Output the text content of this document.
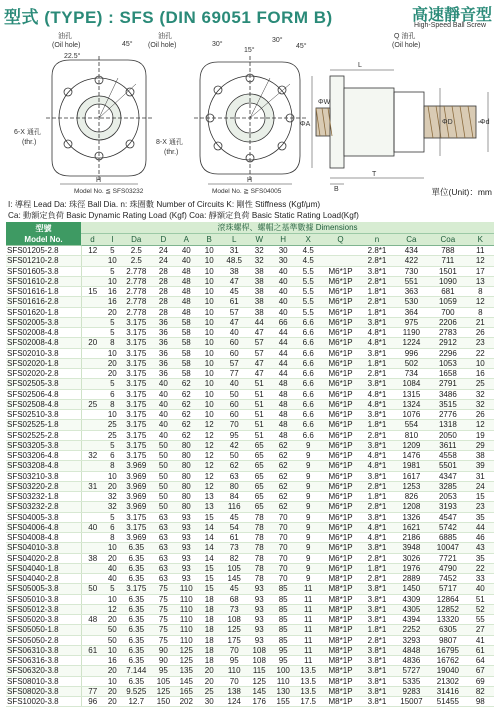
型式 (TYPE) : SFS (DIN 69051 FORM B)	高速靜音型
High-Speed Ball Screw
油孔
(Oil hole)
22.5°
45°
油孔
(Oil hole)	30°
15°
30°
45°
6-X 通孔
(thr.)	8-X 通孔
(thr.)
H	H
Model No. ≦ SFS03232	Model No. ≧ SFS04005
Q 油孔
(Oil hole)
L
T
B
ΦA
ΦW
ΦD	Φd
單位(Unit)：mm
I: 導程 Lead Da: 珠徑 Ball Dia. n: 珠圈數 Number of Circuits K: 剛性 Stiffness (Kgf/μm)
Ca: 動額定負荷 Basic Dynamic Rating Load (Kgf) Coa: 靜額定負荷 Basic Static Rating Load(Kgf)
型號
Model No.	滾珠螺桿、螺帽之基準數據 Dimensions														
	d	I	Da	D	A	B	L	W	H	X	Q	n	Ca	Coa	K
SFS01205-2.8	12	5	2.5	24	40	10	31	32	30	4.5		2.8*1	434	788	11
SFS01210-2.8		10	2.5	24	40	10	48.5	32	30	4.5		2.8*1	422	711	12
SFS01605-3.8		5	2.778	28	48	10	38	38	40	5.5	M6*1P	3.8*1	730	1501	17
SFS01610-2.8		10	2.778	28	48	10	47	38	40	5.5	M6*1P	2.8*1	551	1090	13
SFS01616-1.8	15	16	2.778	28	48	10	45	38	40	5.5	M6*1P	1.8*1	363	681	8
SFS01616-2.8		16	2.778	28	48	10	61	38	40	5.5	M6*1P	2.8*1	530	1059	12
SFS01620-1.8		20	2.778	28	48	10	57	38	40	5.5	M6*1P	1.8*1	364	700	8
SFS02005-3.8		5	3.175	36	58	10	47	44	66	6.6	M6*1P	3.8*1	975	2206	21
SFS02008-4.8		5	3.175	36	58	10	40	47	44	6.6	M6*1P	4.8*1	1190	2783	26
SFS02008-4.8	20	8	3.175	36	58	10	60	57	44	6.6	M6*1P	4.8*1	1224	2912	23
SFS02010-3.8		10	3.175	36	58	10	60	57	44	6.6	M6*1P	3.8*1	996	2296	22
SFS02020-1.8		20	3.175	36	58	10	57	47	44	6.6	M6*1P	1.8*1	502	1053	10
SFS02020-2.8		20	3.175	36	58	10	77	47	44	6.6	M6*1P	2.8*1	734	1658	16
SFS02505-3.8		5	3.175	40	62	10	40	51	48	6.6	M6*1P	3.8*1	1084	2791	25
SFS02506-4.8		6	3.175	40	62	10	50	51	48	6.6	M6*1P	4.8*1	1315	3486	32
SFS02508-4.8	25	8	3.175	40	62	10	60	51	48	6.6	M6*1P	4.8*1	1324	3515	32
SFS02510-3.8		10	3.175	40	62	10	60	51	48	6.6	M6*1P	3.8*1	1076	2776	26
SFS02525-1.8		25	3.175	40	62	12	70	51	48	6.6	M6*1P	1.8*1	554	1318	12
SFS02525-2.8		25	3.175	40	62	12	95	51	48	6.6	M6*1P	2.8*1	810	2050	19
SFS03205-3.8		5	3.175	50	80	12	42	65	62	9	M6*1P	3.8*1	1209	3611	29
SFS03206-4.8	32	6	3.175	50	80	12	50	65	62	9	M6*1P	4.8*1	1476	4558	38
SFS03208-4.8		8	3.969	50	80	12	62	65	62	9	M6*1P	4.8*1	1981	5501	39
SFS03210-3.8		10	3.969	50	80	12	63	65	62	9	M6*1P	3.8*1	1617	4347	31
SFS03220-2.8	31	20	3.969	50	80	12	80	65	62	9	M6*1P	2.8*1	1253	3285	24
SFS03232-1.8		32	3.969	50	80	13	84	65	62	9	M6*1P	1.8*1	826	2053	15
SFS03232-2.8		32	3.969	50	80	13	116	65	62	9	M6*1P	2.8*1	1208	3193	23
SFS04005-3.8		5	3.175	63	93	15	45	78	70	9	M6*1P	3.8*1	1326	4547	35
SFS04006-4.8	40	6	3.175	63	93	14	54	78	70	9	M6*1P	4.8*1	1621	5742	44
SFS04008-4.8		8	3.969	63	93	14	61	78	70	9	M6*1P	4.8*1	2186	6885	46
SFS04010-3.8		10	6.35	63	93	14	73	78	70	9	M6*1P	3.8*1	3948	10047	43
SFS04020-2.8	38	20	6.35	63	93	14	82	78	70	9	M6*1P	2.8*1	3026	7721	35
SFS04040-1.8		40	6.35	63	93	15	105	78	70	9	M6*1P	1.8*1	1976	4790	22
SFS04040-2.8		40	6.35	63	93	15	145	78	70	9	M8*1P	2.8*1	2889	7452	33
SFS05005-3.8	50	5	3.175	75	110	15	45	93	85	11	M8*1P	3.8*1	1450	5717	40
SFS05010-3.8		10	6.35	75	110	18	68	93	85	11	M8*1P	3.8*1	4309	12864	51
SFS05012-3.8		12	6.35	75	110	18	73	93	85	11	M8*1P	3.8*1	4305	12852	52
SFS05020-3.8	48	20	6.35	75	110	18	108	93	85	11	M8*1P	3.8*1	4394	13320	55
SFS05050-1.8		50	6.35	75	110	18	125	93	85	11	M8*1P	1.8*1	2252	6305	27
SFS05050-2.8		50	6.35	75	110	18	175	93	85	11	M8*1P	2.8*1	3293	9807	41
SFS06310-3.8	61	10	6.35	90	125	18	70	108	95	11	M8*1P	3.8*1	4848	16795	61
SFS06316-3.8		16	6.35	90	125	18	95	108	95	11	M8*1P	3.8*1	4836	16762	64
SFS06320-3.8		20	7.144	95	135	20	110	115	100	13.5	M8*1P	3.8*1	5727	19040	67
SFS08010-3.8		10	6.35	105	145	20	70	125	110	13.5	M8*1P	3.8*1	5335	21302	69
SFS08020-3.8	77	20	9.525	125	165	25	138	145	130	13.5	M8*1P	3.8*1	9283	31416	82
SFS10020-3.8	96	20	12.7	150	202	30	124	176	155	17.5	M8*1P	3.8*1	15007	51455	98
